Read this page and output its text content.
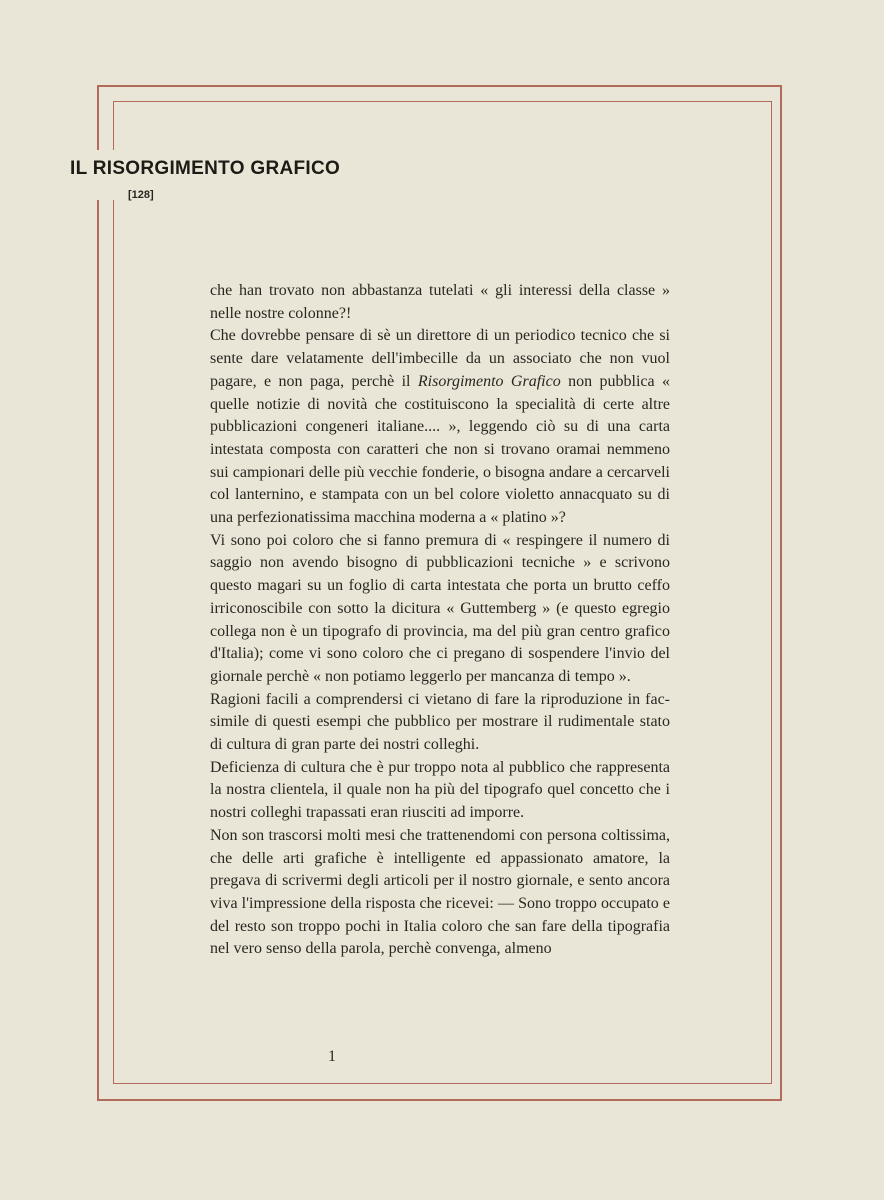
IL RISORGIMENTO GRAFICO
[128]

che han trovato non abbastanza tutelati « gli interessi della classe » nelle nostre colonne?!

Che dovrebbe pensare di sè un direttore di un periodico tecnico che si sente dare velatamente dell'imbecille da un associato che non vuol pagare, e non paga, perchè il Risorgimento Grafico non pubblica « quelle notizie di novità che costituiscono la specialità di certe altre pubblicazioni congeneri italiane.... », leggendo ciò su di una carta intestata composta con caratteri che non si trovano oramai nemmeno sui campionari delle più vecchie fonderie, o bisogna andare a cercarveli col lanternino, e stampata con un bel colore violetto annacquato su di una perfezionatissima macchina moderna a « platino »?

Vi sono poi coloro che si fanno premura di « respingere il numero di saggio non avendo bisogno di pubblicazioni tecniche » e scrivono questo magari su un foglio di carta intestata che porta un brutto ceffo irriconoscibile con sotto la dicitura « Guttemberg » (e questo egregio collega non è un tipografo di provincia, ma del più gran centro grafico d'Italia); come vi sono coloro che ci pregano di sospendere l'invio del giornale perchè « non potiamo leggerlo per mancanza di tempo ».

Ragioni facili a comprendersi ci vietano di fare la riproduzione in fac-simile di questi esempi che pubblico per mostrare il rudimentale stato di cultura di gran parte dei nostri colleghi.

Deficienza di cultura che è pur troppo nota al pubblico che rappresenta la nostra clientela, il quale non ha più del tipografo quel concetto che i nostri colleghi trapassati eran riusciti ad imporre.

Non son trascorsi molti mesi che trattenendomi con persona coltissima, che delle arti grafiche è intelligente ed appassionato amatore, la pregava di scrivermi degli articoli per il nostro giornale, e sento ancora viva l'impressione della risposta che ricevei: — Sono troppo occupato e del resto son troppo pochi in Italia coloro che san fare della tipografia nel vero senso della parola, perchè convenga, almeno

1
